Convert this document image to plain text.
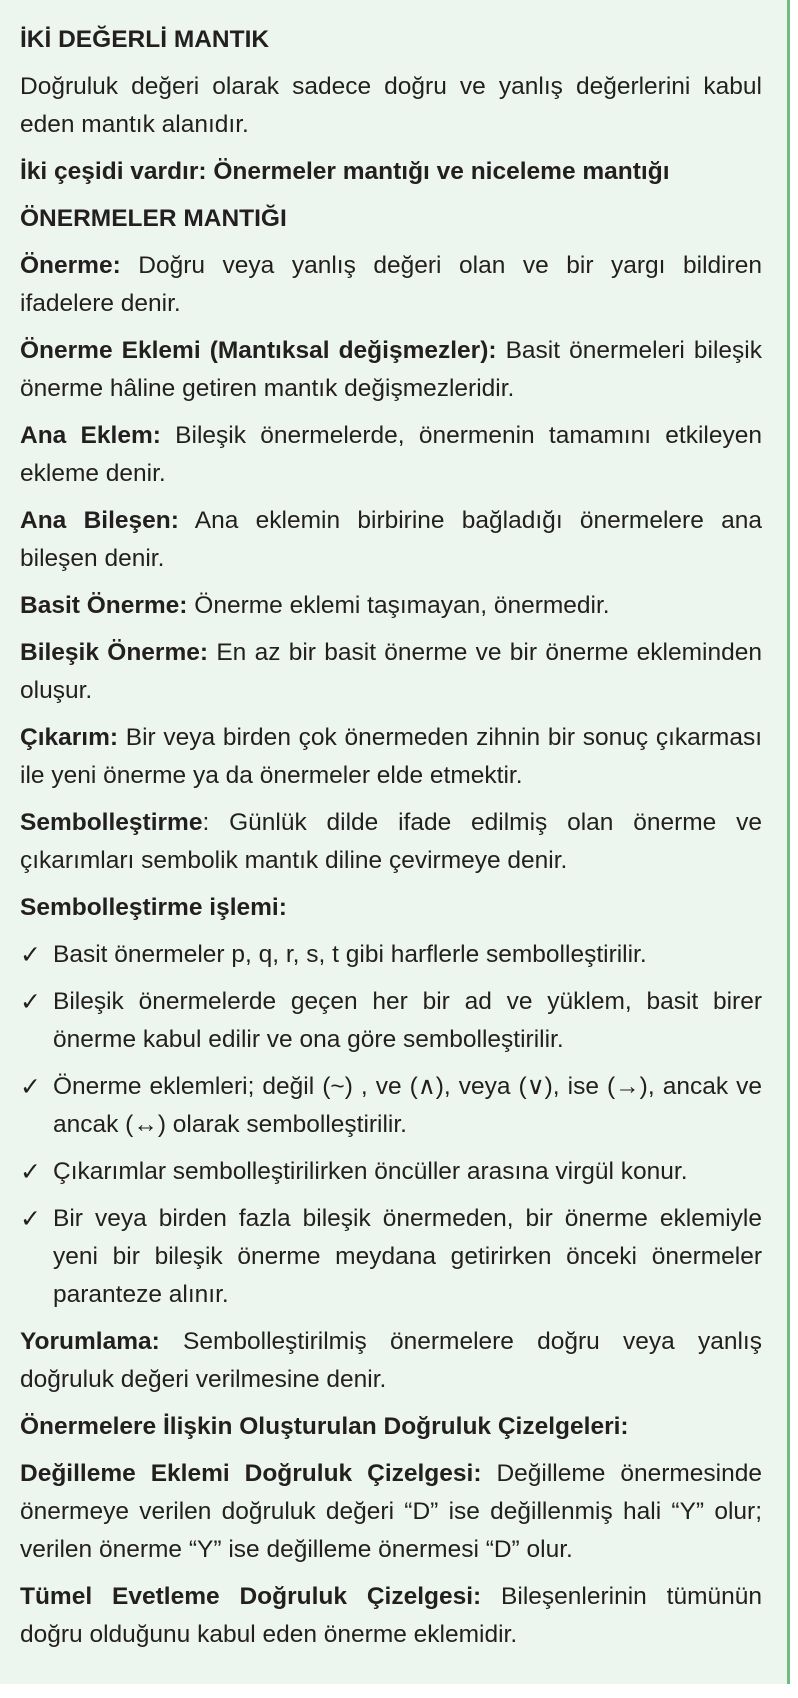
İKİ DEĞERLİ MANTIK

Doğruluk değeri olarak sadece doğru ve yanlış değerlerini kabul eden mantık alanıdır.

İki çeşidi vardır: Önermeler mantığı ve niceleme mantığı

ÖNERMELER MANTIĞI

Önerme: Doğru veya yanlış değeri olan ve bir yargı bildiren ifadelere denir.

Önerme Eklemi (Mantıksal değişmezler): Basit önermeleri bileşik önerme hâline getiren mantık değişmezleridir.

Ana Eklem: Bileşik önermelerde, önermenin tamamını etkileyen ekleme denir.

Ana Bileşen: Ana eklemin birbirine bağladığı önermelere ana bileşen denir.

Basit Önerme: Önerme eklemi taşımayan, önermedir.

Bileşik Önerme: En az bir basit önerme ve bir önerme ekleminden oluşur.

Çıkarım: Bir veya birden çok önermeden zihnin bir sonuç çıkarması ile yeni önerme ya da önermeler elde etmektir.

Sembolleştirme: Günlük dilde ifade edilmiş olan önerme ve çıkarımları sembolik mantık diline çevirmeye denir.

Sembolleştirme işlemi:

✓ Basit önermeler p, q, r, s, t gibi harflerle sembolleştirilir.
✓ Bileşik önermelerde geçen her bir ad ve yüklem, basit birer önerme kabul edilir ve ona göre sembolleştirilir.
✓ Önerme eklemleri; değil (~) , ve (∧), veya (∨), ise (→), ancak ve ancak (↔) olarak sembolleştirilir.
✓ Çıkarımlar sembolleştirilirken öncüller arasına virgül konur.
✓ Bir veya birden fazla bileşik önermeden, bir önerme eklemiyle yeni bir bileşik önerme meydana getirirken önceki önermeler paranteze alınır.

Yorumlama: Sembolleştirilmiş önermelere doğru veya yanlış doğruluk değeri verilmesine denir.

Önermelere İlişkin Oluşturulan Doğruluk Çizelgeleri:

Değilleme Eklemi Doğruluk Çizelgesi: Değilleme önermesinde önermeye verilen doğruluk değeri “D” ise değillenmiş hali “Y” olur; verilen önerme “Y” ise değilleme önermesi “D” olur.

Tümel Evetleme Doğruluk Çizelgesi: Bileşenlerinin tümünün doğru olduğunu kabul eden önerme eklemidir.
